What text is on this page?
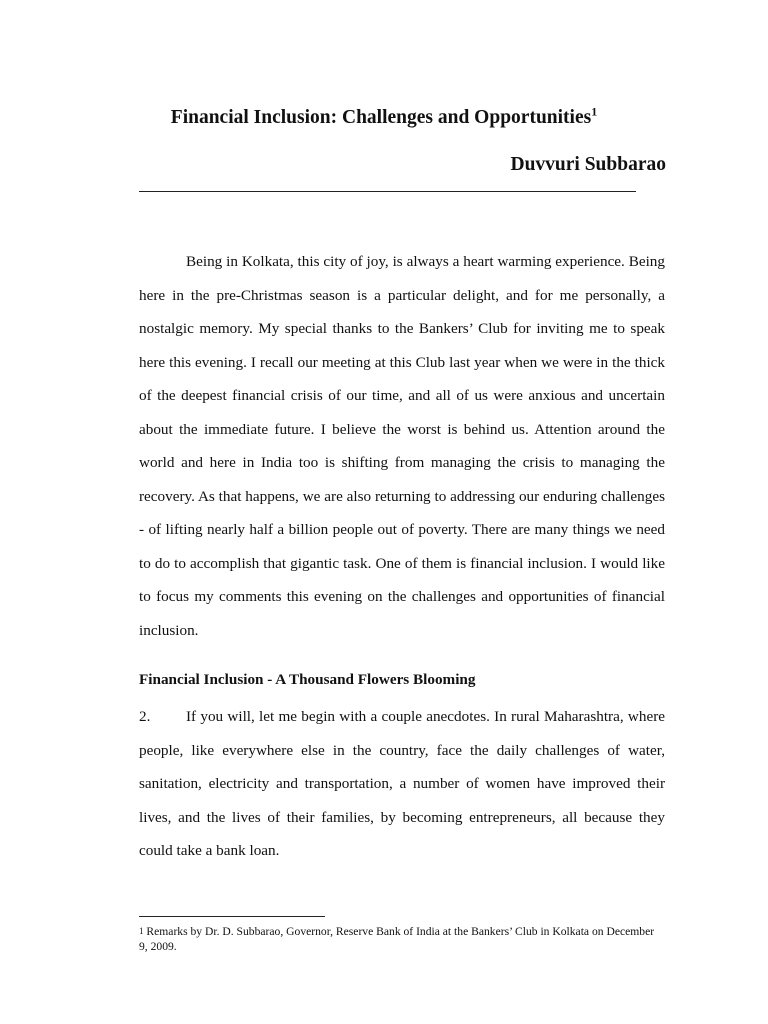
Financial Inclusion: Challenges and Opportunities$^1$

Duvvuri Subbarao

Being in Kolkata, this city of joy, is always a heart warming experience. Being here in the pre-Christmas season is a particular delight, and for me personally, a nostalgic memory. My special thanks to the Bankers’ Club for inviting me to speak here this evening. I recall our meeting at this Club last year when we were in the thick of the deepest financial crisis of our time, and all of us were anxious and uncertain about the immediate future. I believe the worst is behind us. Attention around the world and here in India too is shifting from managing the crisis to managing the recovery. As that happens, we are also returning to addressing our enduring challenges - of lifting nearly half a billion people out of poverty. There are many things we need to do to accomplish that gigantic task. One of them is financial inclusion. I would like to focus my comments this evening on the challenges and opportunities of financial inclusion.

Financial Inclusion - A Thousand Flowers Blooming

2. If you will, let me begin with a couple anecdotes. In rural Maharashtra, where people, like everywhere else in the country, face the daily challenges of water, sanitation, electricity and transportation, a number of women have improved their lives, and the lives of their families, by becoming entrepreneurs, all because they could take a bank loan.

$^1$ Remarks by Dr. D. Subbarao, Governor, Reserve Bank of India at the Bankers’ Club in Kolkata on December 9, 2009.
